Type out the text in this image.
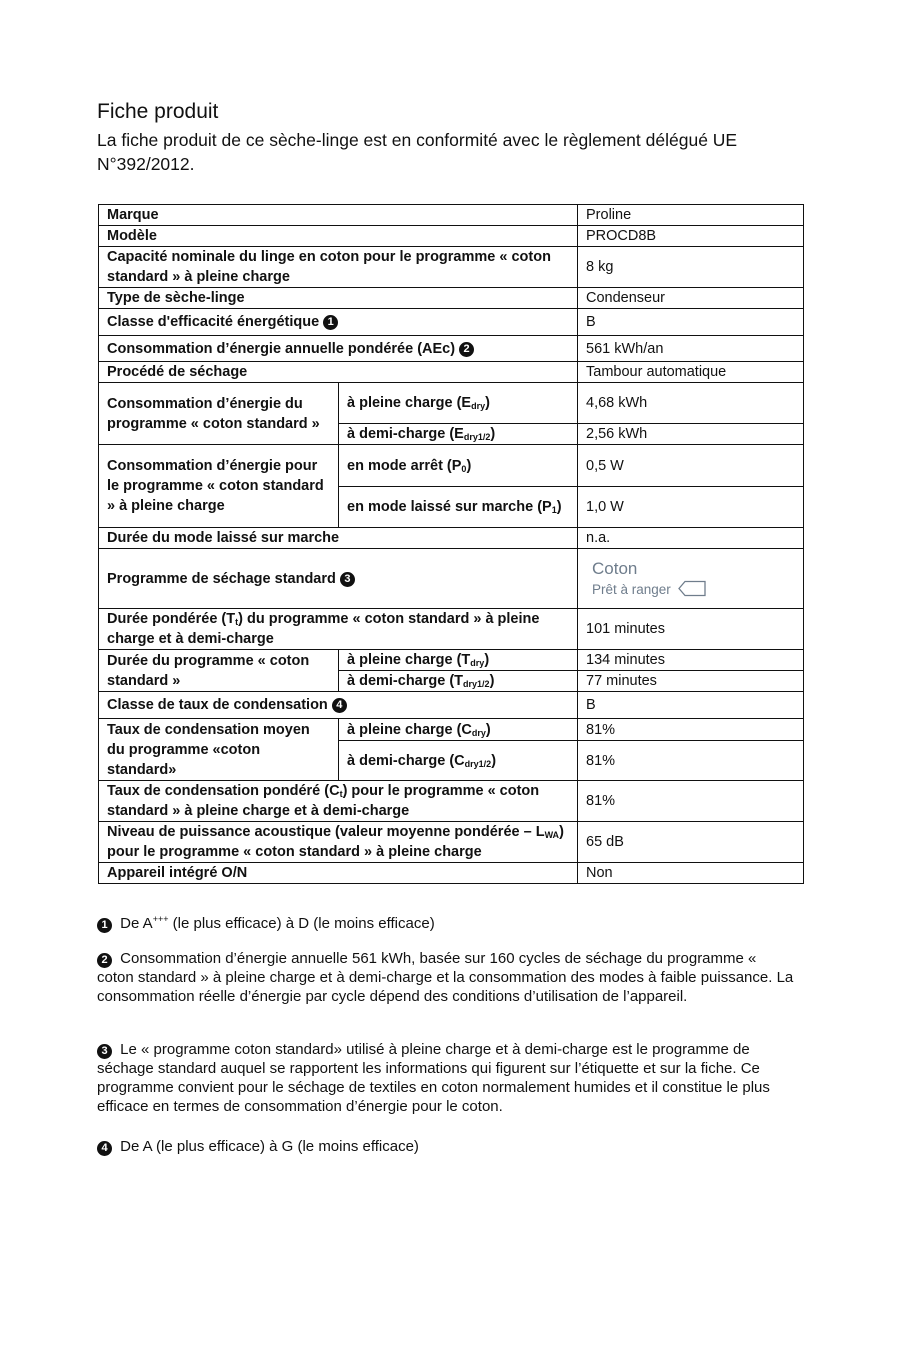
Fiche produit
La fiche produit de ce sèche-linge est en conformité avec le règlement délégué UE N°392/2012.
Marque		Proline
Modèle		PROCD8B
Capacité nominale du linge en coton pour le programme « coton standard » à pleine charge		8 kg
Type de sèche-linge		Condenseur
Classe d'efficacité énergétique 1		B
Consommation d’énergie annuelle pondérée (AEc) 2		561 kWh/an
Procédé de séchage		Tambour automatique
Consommation d’énergie du programme « coton standard »	à pleine charge $(E_{dry})$	4,68 kWh
	à demi-charge $(E_{dry1/2})$	2,56 kWh
Consommation d’énergie pour le programme « coton standard » à pleine charge	en mode arrêt $(P_0)$	0,5 W
	en mode laissé sur marche $(P_1)$	1,0 W
Durée du mode laissé sur marche		n.a.
Programme de séchage standard 3		Coton
Prêt à ranger
Durée pondérée $(T_t)$ du programme « coton standard » à pleine charge et à demi-charge		101 minutes
Durée du programme « coton standard »	à pleine charge $(T_{dry})$	134 minutes
	à demi-charge $(T_{dry1/2})$	77 minutes
Classe de taux de condensation 4		B
Taux de condensation moyen du programme «coton standard»	à pleine charge $(C_{dry})$	81%
	à demi-charge $(C_{dry1/2})$	81%
Taux de condensation pondéré $(C_t)$ pour le programme « coton standard » à pleine charge et à demi-charge		81%
Niveau de puissance acoustique (valeur moyenne pondérée – $L_{WA}$) pour le programme « coton standard » à pleine charge		65 dB
Appareil intégré O/N		Non
1 De A+++ (le plus efficace) à D (le moins efficace)
2 Consommation d’énergie annuelle 561 kWh, basée sur 160 cycles de séchage du programme « coton standard » à pleine charge et à demi-charge et la consommation des modes à faible puissance. La consommation réelle d’énergie par cycle dépend des conditions d’utilisation de l’appareil.
3 Le « programme coton standard» utilisé à pleine charge et à demi-charge est le programme de séchage standard auquel se rapportent les informations qui figurent sur l’étiquette et sur la fiche. Ce programme convient pour le séchage de textiles en coton normalement humides et il constitue le plus efficace en termes de consommation d’énergie pour le coton.
4 De A (le plus efficace) à G (le moins efficace)
